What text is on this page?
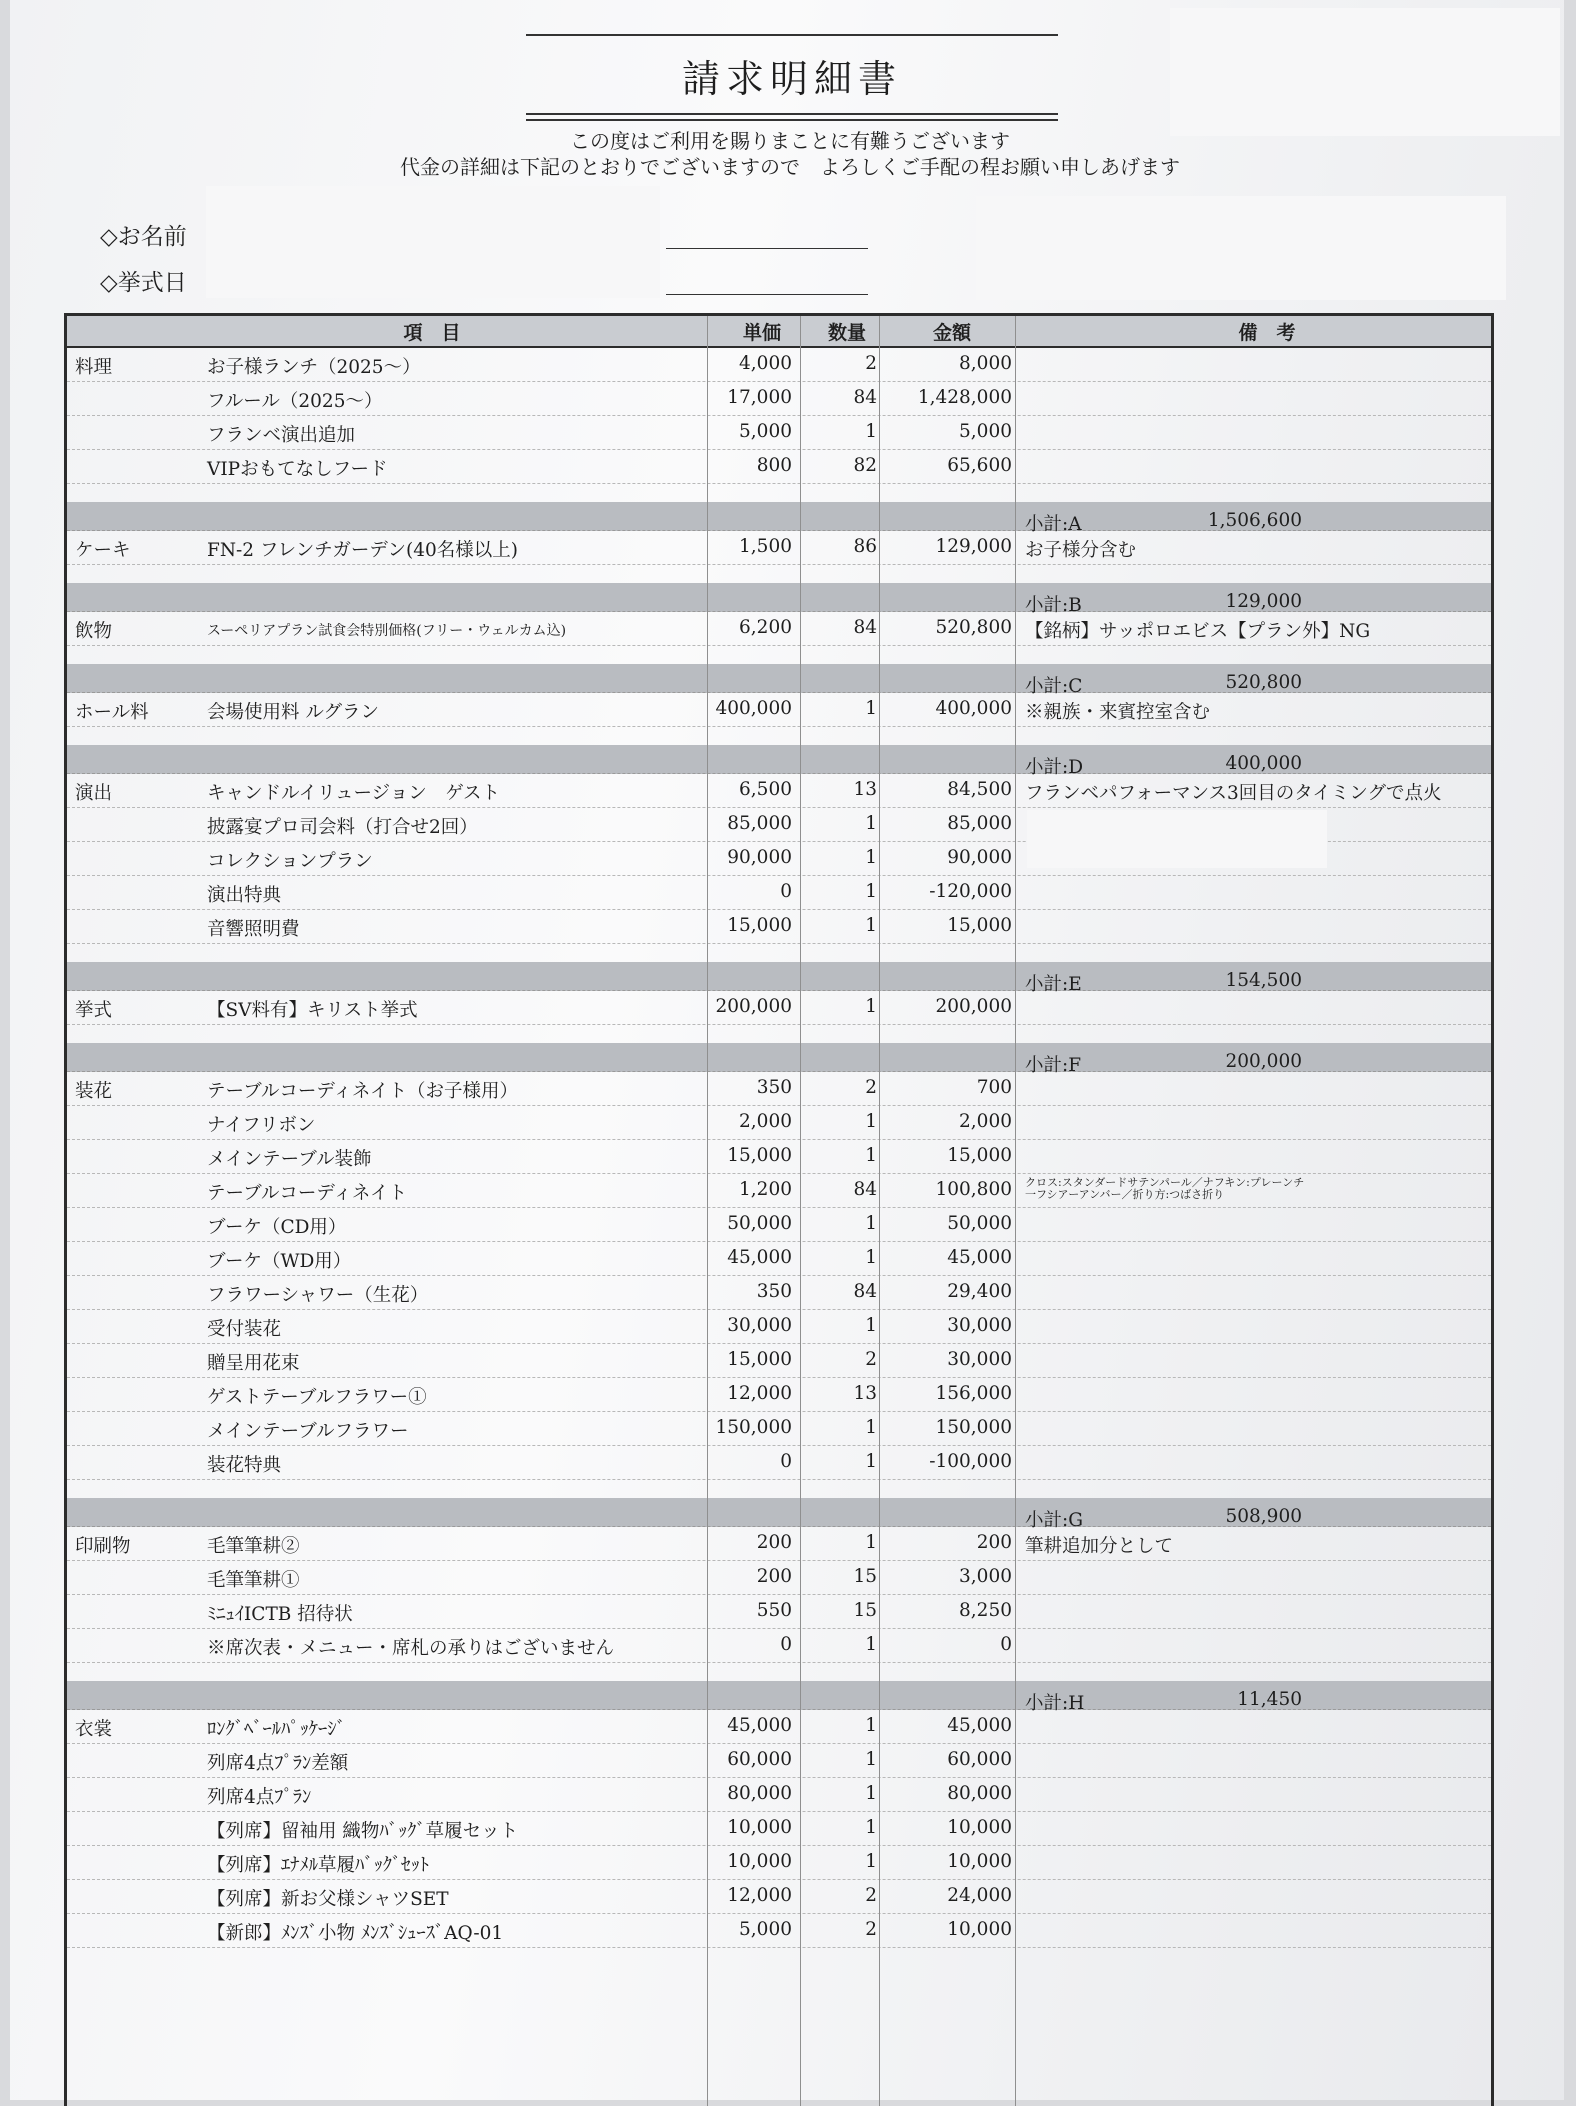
請求明細書
この度はご利用を賜りまことに有難うございます
代金の詳細は下記のとおりでございますので　よろしくご手配の程お願い申しあげます
◇お名前
◇挙式日
項　目	単価	数量	金額	備　考
料理	お子様ランチ（2025～）	4,000	2	8,000
フルール（2025～）	17,000	84	1,428,000
フランベ演出追加	5,000	1	5,000
VIPおもてなしフード	800	82	65,600
小計:A	1,506,600
ケーキ	FN-2 フレンチガーデン(40名様以上)	1,500	86	129,000 お子様分含む
小計:B	129,000
飲物	スーペリアプラン試食会特別価格(フリー・ウェルカム込)	6,200	84	520,800 【銘柄】サッポロエビス【プラン外】NG
小計:C	520,800
ホール料	会場使用料 ルグラン	400,000	1	400,000 ※親族・来賓控室含む
小計:D	400,000
演出	キャンドルイリュージョン　ゲスト	6,500	13	84,500 フランベパフォーマンス3回目のタイミングで点火
披露宴プロ司会料（打合せ2回）	85,000	1	85,000
コレクションプラン	90,000	1	90,000
演出特典	0	1	-120,000
音響照明費	15,000	1	15,000
小計:E	154,500
挙式	【SV料有】キリスト挙式	200,000	1	200,000
小計:F	200,000
装花	テーブルコーディネイト（お子様用）	350	2	700
ナイフリボン	2,000	1	2,000
メインテーブル装飾	15,000	1	15,000
テーブルコーディネイト	1,200	84	100,800 クロス:スタンダードサテンパール／ナフキン:プレーンチ
一フシアーアンバー／折り方:つばさ折り
ブーケ（CD用）	50,000	1	50,000
ブーケ（WD用）	45,000	1	45,000
フラワーシャワー（生花）	350	84	29,400
受付装花	30,000	1	30,000
贈呈用花束	15,000	2	30,000
ゲストテーブルフラワー①	12,000	13	156,000
メインテーブルフラワー	150,000	1	150,000
装花特典	0	1	-100,000
小計:G	508,900
印刷物	毛筆筆耕②	200	1	200 筆耕追加分として
毛筆筆耕①	200	15	3,000
ﾐﾆｭｲICTB 招待状	550	15	8,250
※席次表・メニュー・席札の承りはございません	0	1	0
小計:H	11,450
衣裳	ﾛﾝｸﾞﾍﾞｰﾙﾊﾟｯｹｰｼﾞ	45,000	1	45,000
列席4点ﾌﾟﾗﾝ差額	60,000	1	60,000
列席4点ﾌﾟﾗﾝ	80,000	1	80,000
【列席】留袖用 織物ﾊﾞｯｸﾞ草履セット	10,000	1	10,000
【列席】ｴﾅﾒﾙ草履ﾊﾞｯｸﾞｾｯﾄ	10,000	1	10,000
【列席】新お父様シャツSET	12,000	2	24,000
【新郎】ﾒﾝｽﾞ小物 ﾒﾝｽﾞｼｭｰｽﾞAQ-01	5,000	2	10,000
